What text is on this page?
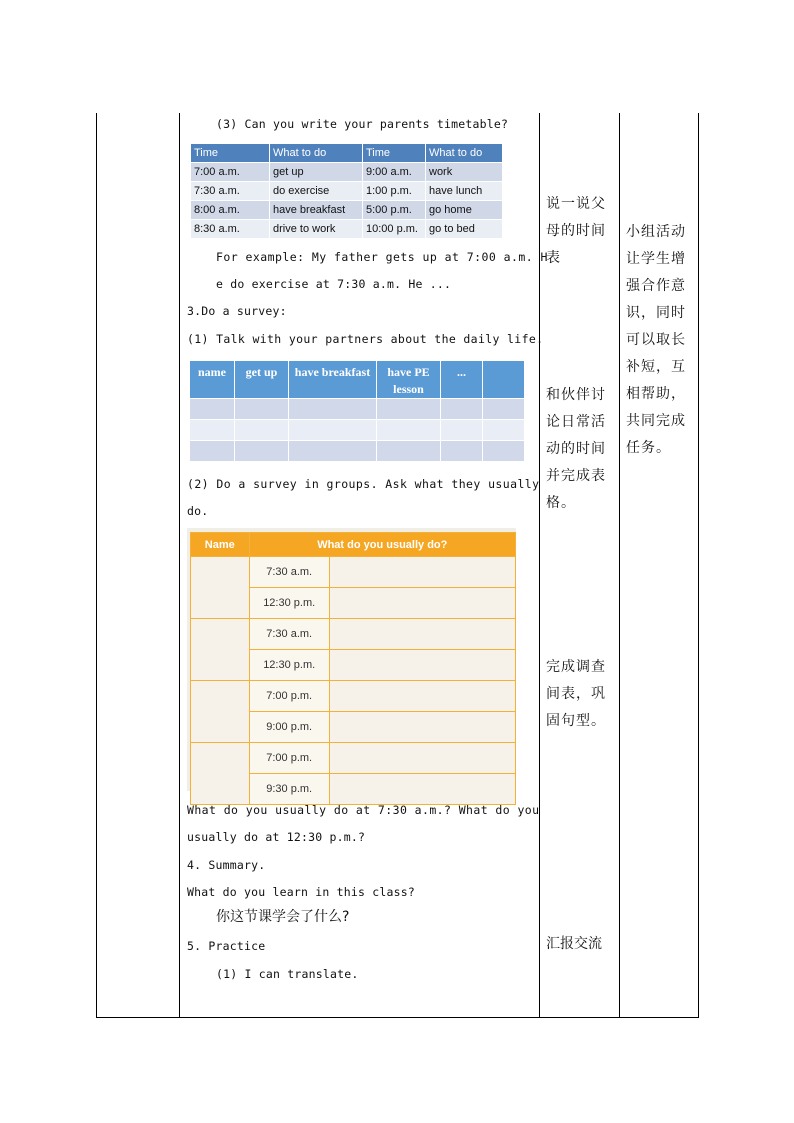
(3) Can you write your parents timetable?
Time	What to do	Time	What to do
7:00 a.m.	get up	9:00 a.m.	work
7:30 a.m.	do exercise	1:00 p.m.	have lunch
8:00 a.m.	have breakfast	5:00 p.m.	go home
8:30 a.m.	drive to work	10:00 p.m.	go to bed
For example: My father gets up at 7:00 a.m. H
e do exercise at 7:30 a.m. He ...
3.Do a survey:
(1) Talk with your partners about the daily life.
name	get up	have breakfast	have PE lesson	...	

(2) Do a survey in groups. Ask what they usually
do.
Name	What do you usually do?	
	7:30 a.m.	
	12:30 p.m.	
	7:30 a.m.	
	12:30 p.m.	
	7:00 p.m.	
	9:00 p.m.	
	7:00 p.m.	
	9:30 p.m.	
What do you usually do at 7:30 a.m.? What do you
usually do at 12:30 p.m.?
4. Summary.
What do you learn in this class?
你这节课学会了什么?
5. Practice
(1) I can translate.
说一说父母的时间表
和伙伴讨论日常活动的时间并完成表格。
完成调查间表，巩固句型。
汇报交流
小组活动让学生增强合作意识，同时可以取长补短，互相帮助，共同完成任务。
